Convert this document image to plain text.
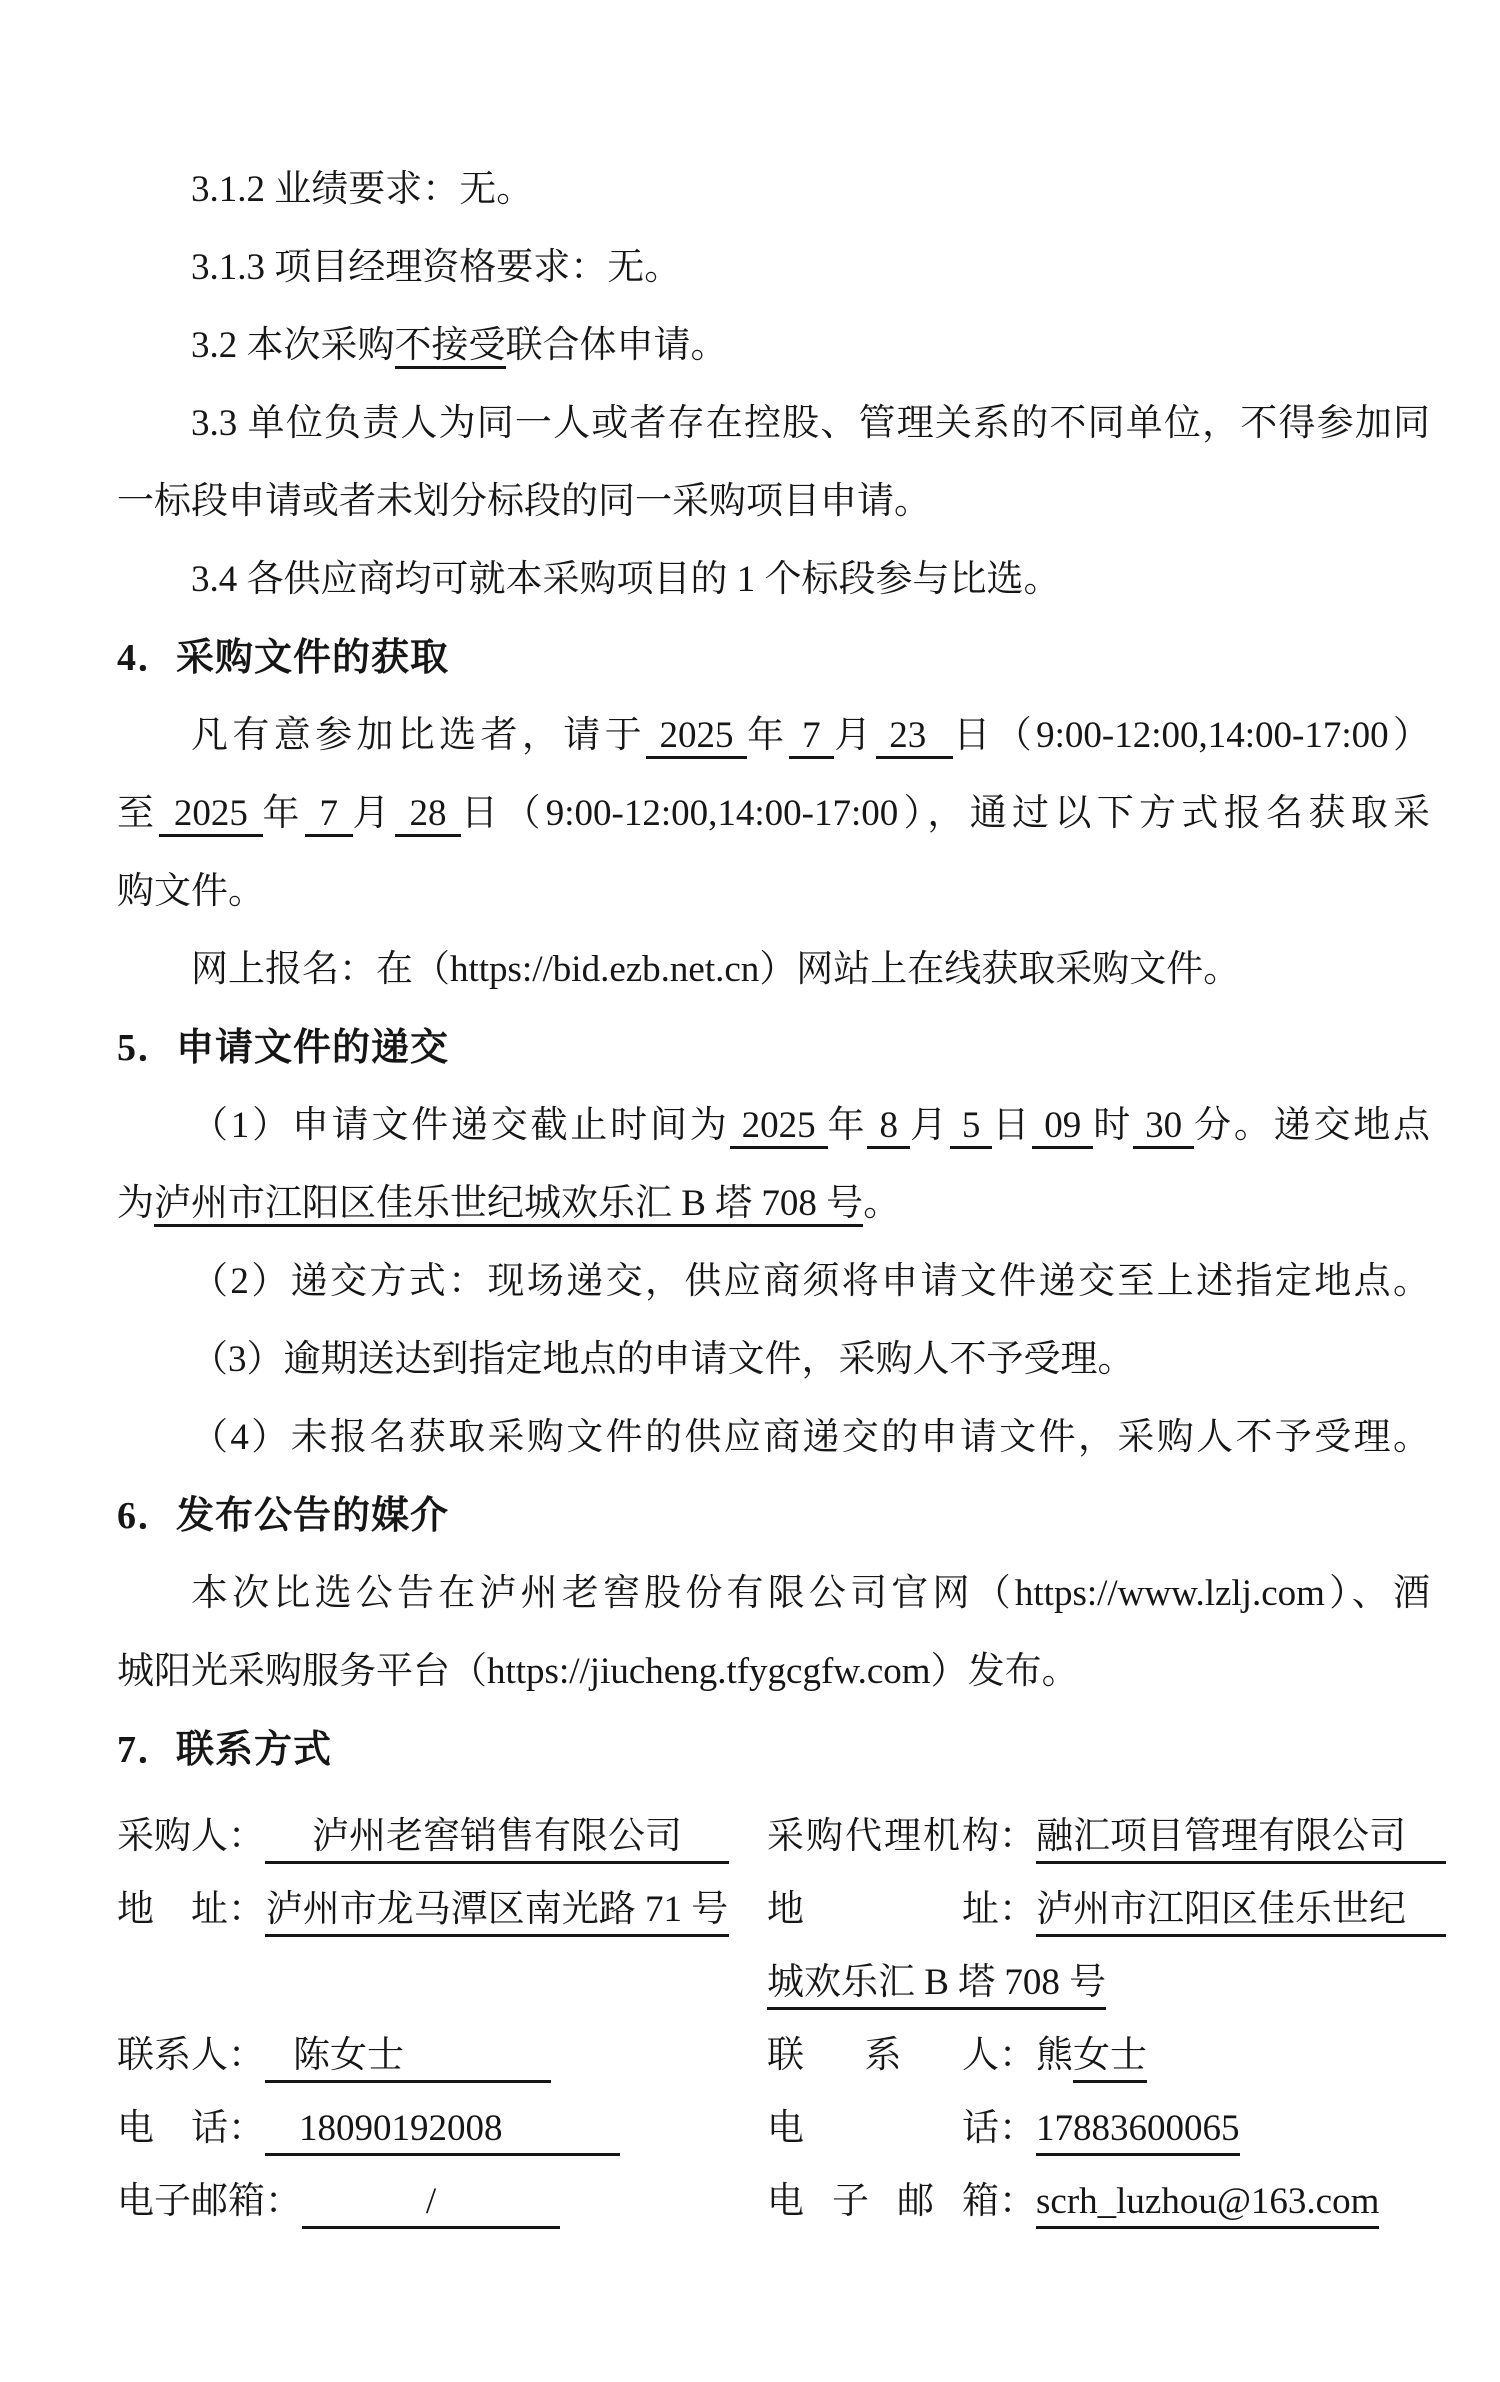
3.1.2 业绩要求：无。
3.1.3 项目经理资格要求：无。
3.2 本次采购不接受联合体申请。
3.3 单位负责人为同一人或者存在控股、管理关系的不同单位，不得参加同
一标段申请或者未划分标段的同一采购项目申请。
3.4 各供应商均可就本采购项目的 1 个标段参与比选。
4．采购文件的获取
凡有意参加比选者，请于 2025 年 7 月 23  日（9:00-12:00,14:00-17:00）
至 2025 年 7 月 28 日（9:00-12:00,14:00-17:00），通过以下方式报名获取采
购文件。
网上报名：在（https://bid.ezb.net.cn）网站上在线获取采购文件。
5．申请文件的递交
（1）申请文件递交截止时间为 2025 年 8 月 5 日 09 时 30 分。递交地点
为泸州市江阳区佳乐世纪城欢乐汇 B 塔 708 号。
（2）递交方式：现场递交，供应商须将申请文件递交至上述指定地点。
（3）逾期送达到指定地点的申请文件，采购人不予受理。
（4）未报名获取采购文件的供应商递交的申请文件，采购人不予受理。
6．发布公告的媒介
本次比选公告在泸州老窖股份有限公司官网（https://www.lzlj.com）、酒
城阳光采购服务平台（https://jiucheng.tfygcgfw.com）发布。
7．联系方式
采购人： 泸州老窖销售有限公司	采 购 代 理 机 构 ：融汇项目管理有限公司
地　址：泸州市龙马潭区南光路 71 号	地	址 ：泸州市江阳区佳乐世纪
城欢乐汇 B 塔 708 号
联系人： 陈女士	联 系 人 ：熊女士
电　话： 18090192008	电	话 ：17883600065
电子邮箱：	/	电 子 邮 箱 ：scrh_luzhou@163.com
